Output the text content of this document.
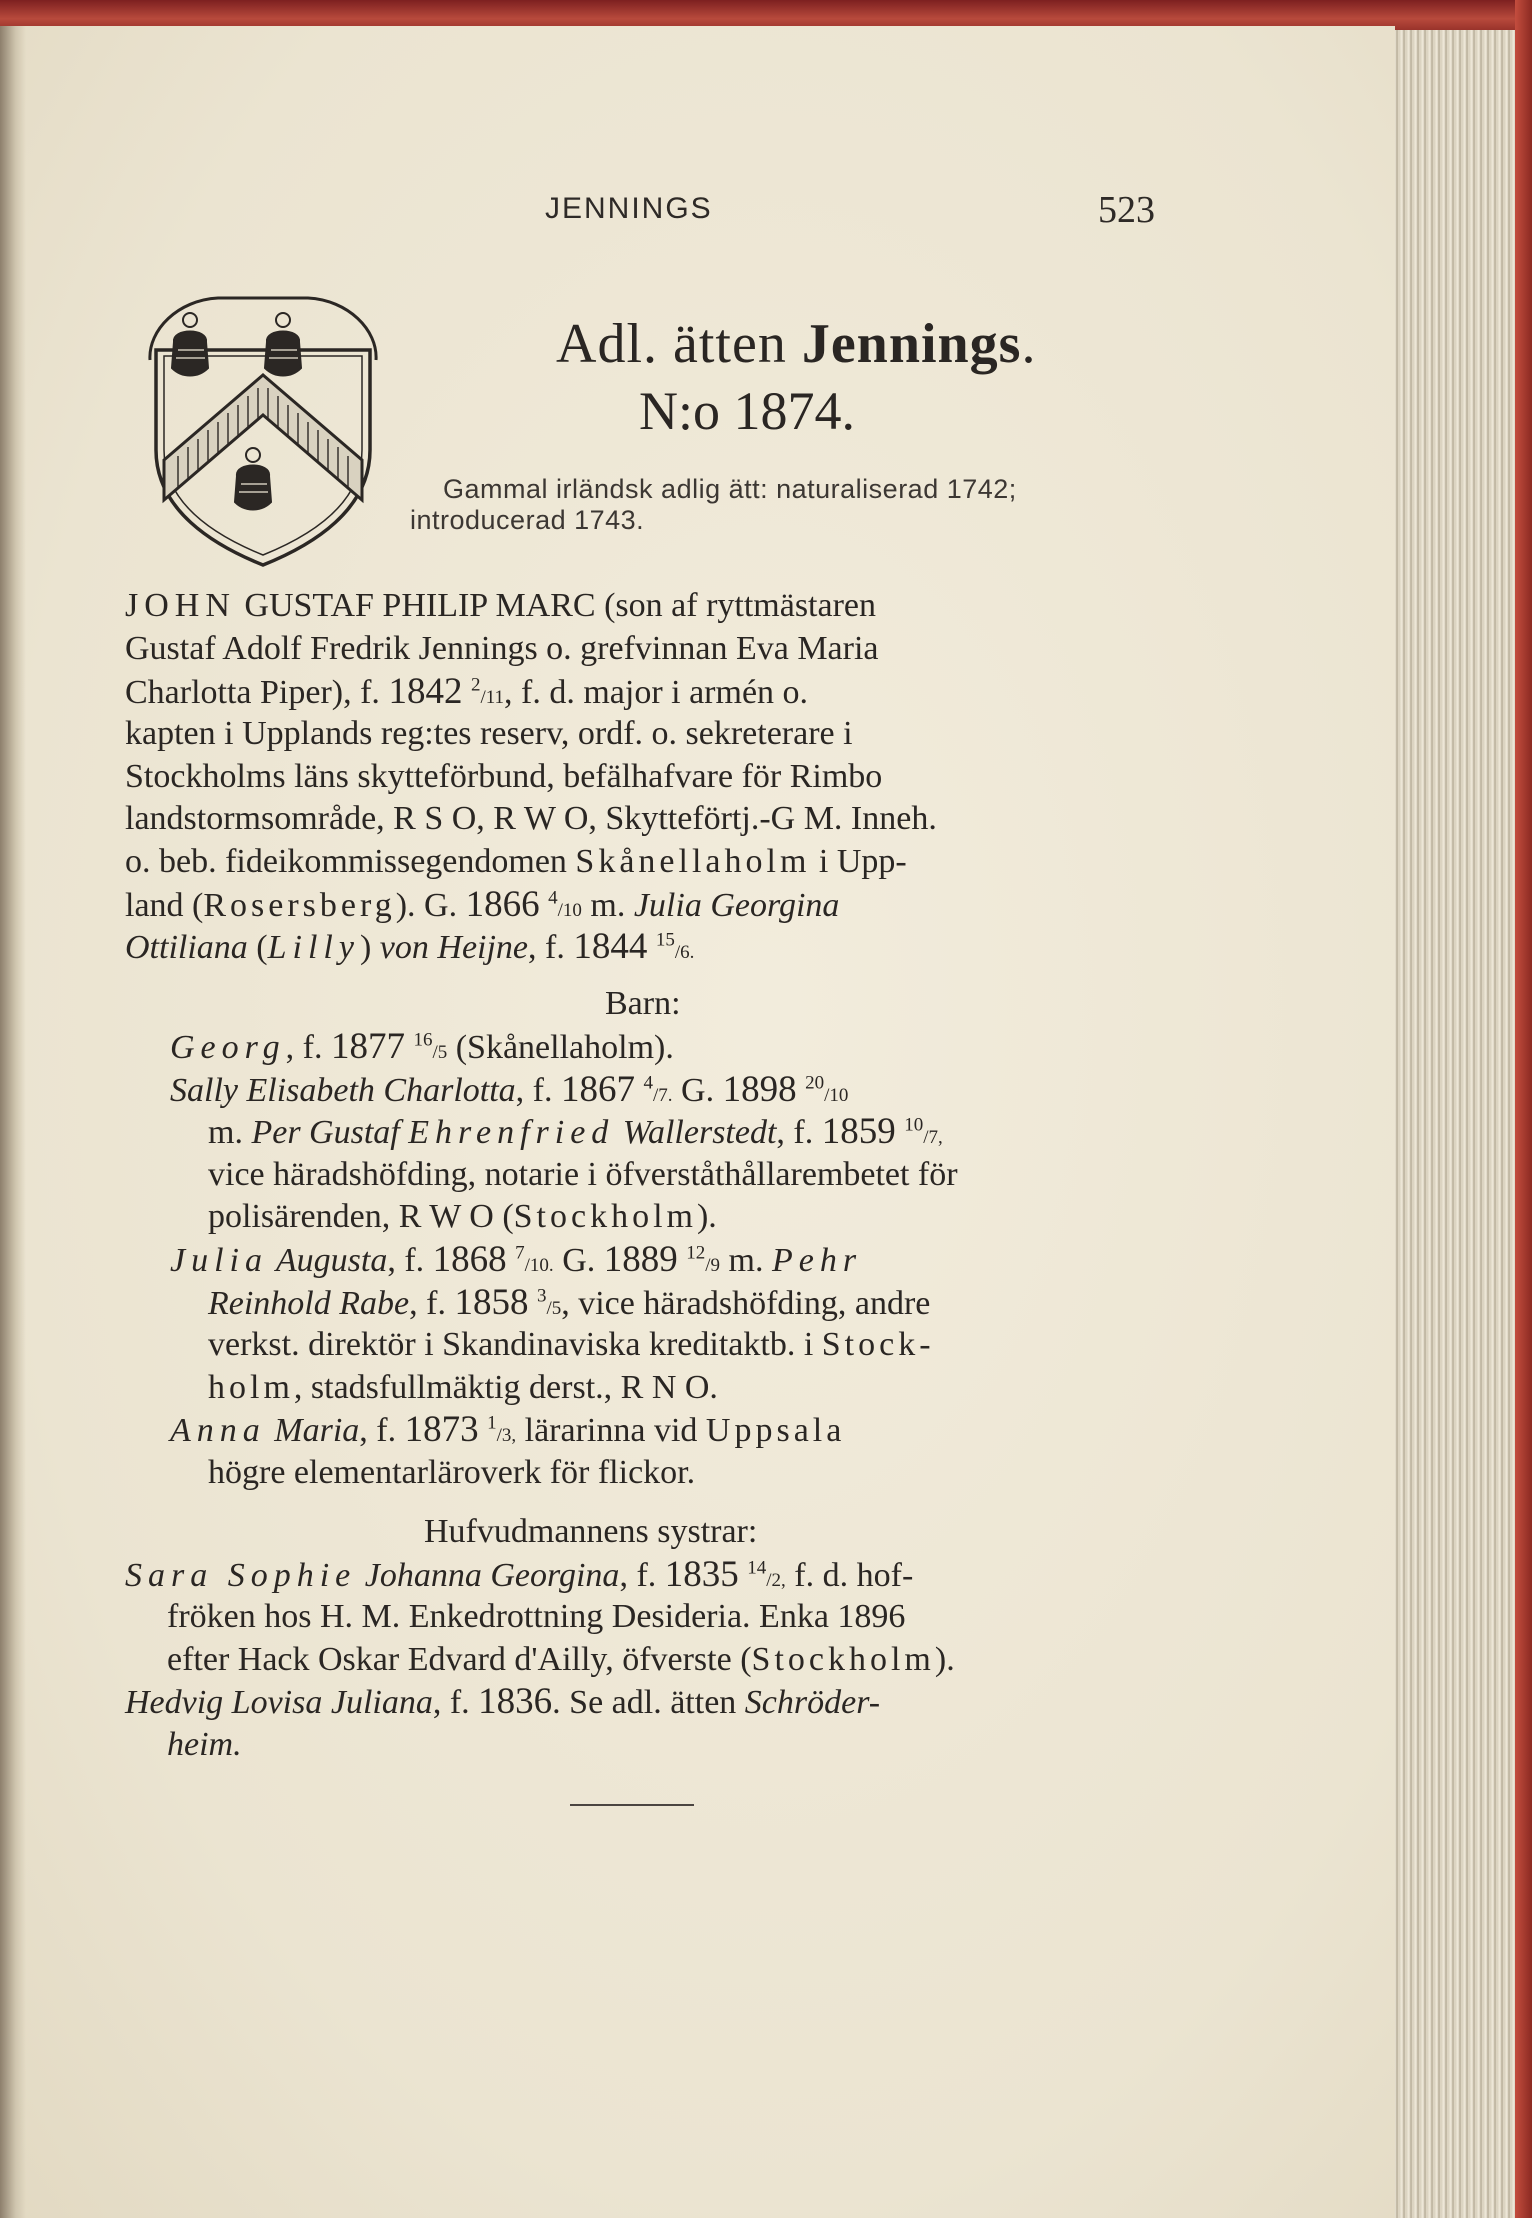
JENNINGS	523
Adl. ätten Jennings.
N:o 1874.
Gammal irländsk adlig ätt: naturaliserad 1742;
introducerad 1743.
JOHN GUSTAF PHILIP MARC (son af ryttmästaren
Gustaf Adolf Fredrik Jennings o. grefvinnan Eva Maria
Charlotta Piper), f. 1842 $^2$/11, f. d. major i armén o.
kapten i Upplands reg:tes reserv, ordf. o. sekreterare i
Stockholms läns skytteförbund, befälhafvare för Rimbo
landstormsområde, R S O, R W O, Skytteförtj.-G M. Inneh.
o. beb. fideikommissegendomen Skånellaholm i Upp-
land (Rosersberg). G. 1866 $^4$/10 m. Julia Georgina
Ottiliana (Lilly) von Heijne, f. 1844 $^{15}$/6.
Barn:
Georg, f. 1877 $^{16}$/5 (Skånellaholm).
Sally Elisabeth Charlotta, f. 1867 $^4$/7. G. 1898 $^{20}$/10
m. Per Gustaf Ehrenfried Wallerstedt, f. 1859 $^{10}$/7,
vice häradshöfding, notarie i öfverståthållarembetet för
polisärenden, R W O (Stockholm).
Julia Augusta, f. 1868 $^7$/10. G. 1889 $^{12}$/9 m. Pehr
Reinhold Rabe, f. 1858 $^3$/5, vice häradshöfding, andre
verkst. direktör i Skandinaviska kreditaktb. i Stock-
holm, stadsfullmäktig derst., R N O.
Anna Maria, f. 1873 $^1$/3, lärarinna vid Uppsala
högre elementarläroverk för flickor.
Hufvudmannens systrar:
Sara Sophie Johanna Georgina, f. 1835 $^{14}$/2, f. d. hof-
fröken hos H. M. Enkedrottning Desideria. Enka 1896
efter Hack Oskar Edvard d'Ailly, öfverste (Stockholm).
Hedvig Lovisa Juliana, f. 1836. Se adl. ätten Schröder-
heim.
